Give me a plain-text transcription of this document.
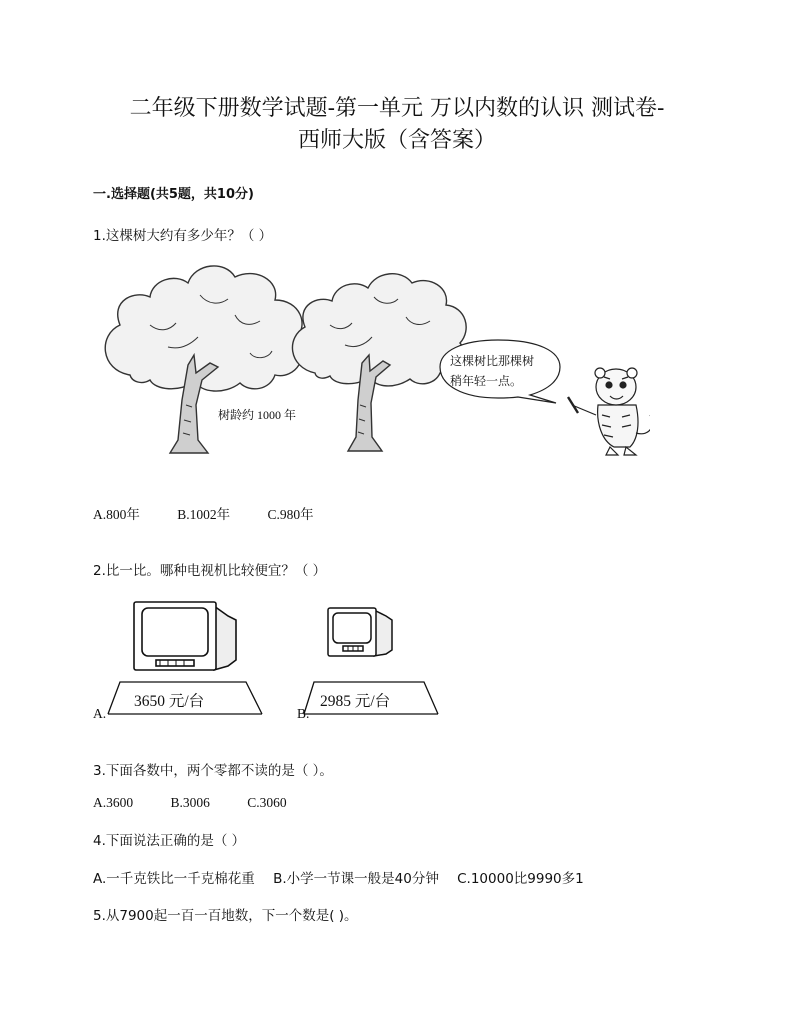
二年级下册数学试题-第一单元 万以内数的认识 测试卷-
西师大版（含答案）
一.选择题(共5题，共10分)
1.这棵树大约有多少年？（ ）
树龄约 1000 年
这棵树比那棵树
稍年轻一点。
A.800年	B.1002年	C.980年
2.比一比。哪种电视机比较便宜？（ ）
3650 元/台	2985 元/台
A.	B.
3.下面各数中，两个零都不读的是（ ）。
A.3600	B.3006	C.3060
4.下面说法正确的是（ ）
A.一千克铁比一千克棉花重 B.小学一节课一般是40分钟 C.10000比9990多1
5.从7900起一百一百地数，下一个数是( )。
